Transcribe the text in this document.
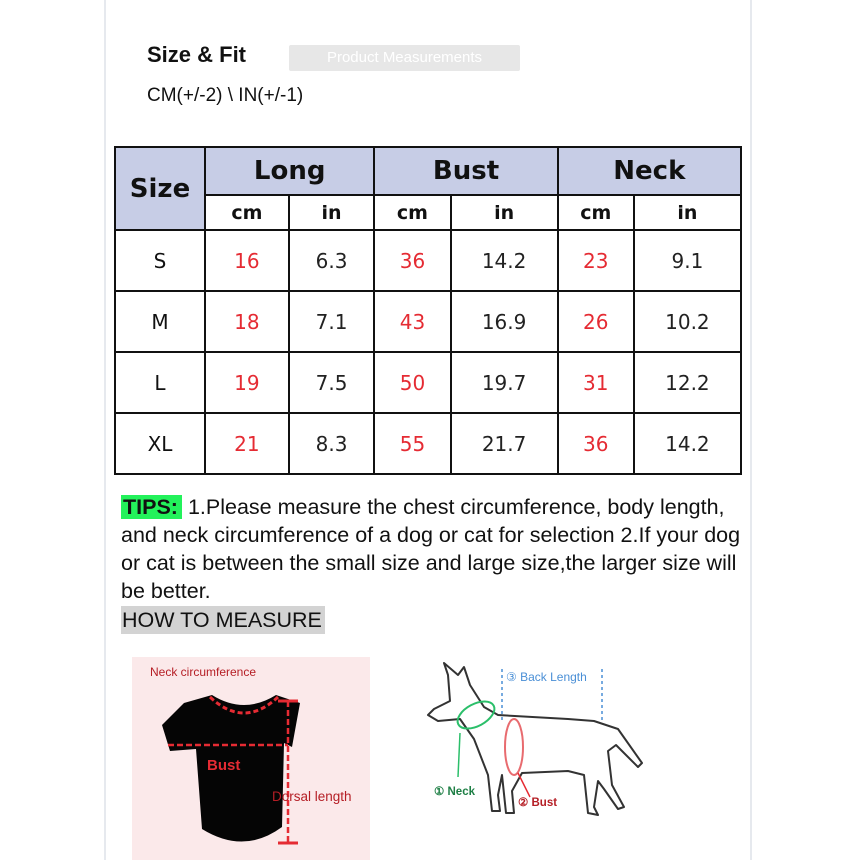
Size & Fit	Product Measurements
CM(+/-2) \ IN(+/-1)
Size	Long		Bust		Neck	
	cm	in	cm	in	cm	in
S	16	6.3	36	14.2	23	9.1
M	18	7.1	43	16.9	26	10.2
L	19	7.5	50	19.7	31	12.2
XL	21	8.3	55	21.7	36	14.2
TIPS: 1.Please measure the chest circumference, body length, and neck circumference of a dog or cat for selection 2.If your dog or cat is between the small size and large size,the larger size will be better.
HOW TO MEASURE
Neck circumference
Bust
Dorsal length
③ Back Length
① Neck
② Bust
